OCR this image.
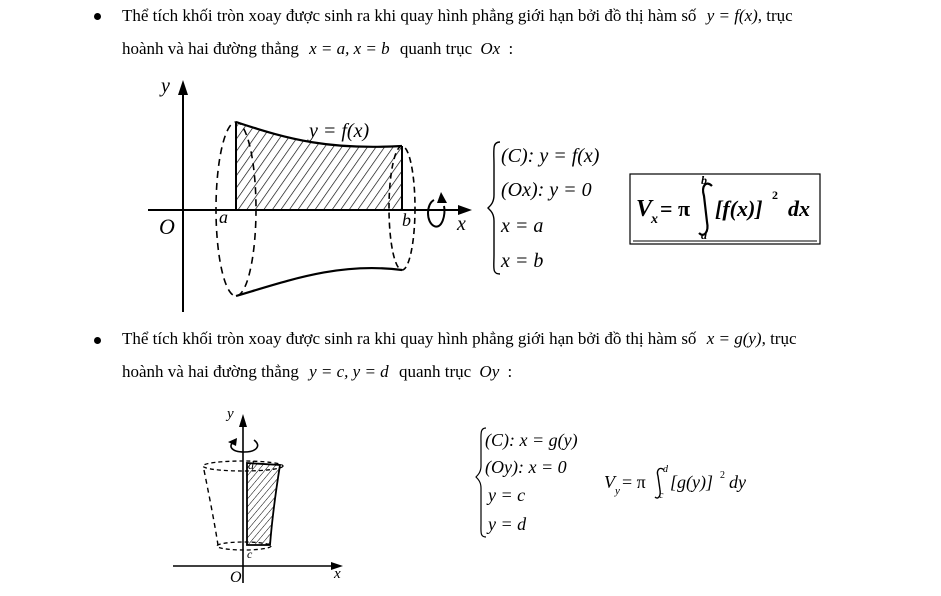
Thể tích khối tròn xoay được sinh ra khi quay hình phẳng giới hạn bởi đồ thị hàm số y = f(x), trục
hoành và hai đường thẳng x = a, x = b quanh trục Ox :
Thể tích khối tròn xoay được sinh ra khi quay hình phẳng giới hạn bởi đồ thị hàm số x = g(y), trục
hoành và hai đường thẳng y = c, y = d quanh trục Oy :
y
x
O a	b
y = f(x)
(C): y = f(x)
(Ox): y = 0
x = a
x = b
V
x = π
b
a
[f(x)]
2
dx
y
x
O
d
c
(C): x = g(y)
(Oy): x = 0
y = c
y = d
V y = π
d
c
[g(y)] 2 dy
